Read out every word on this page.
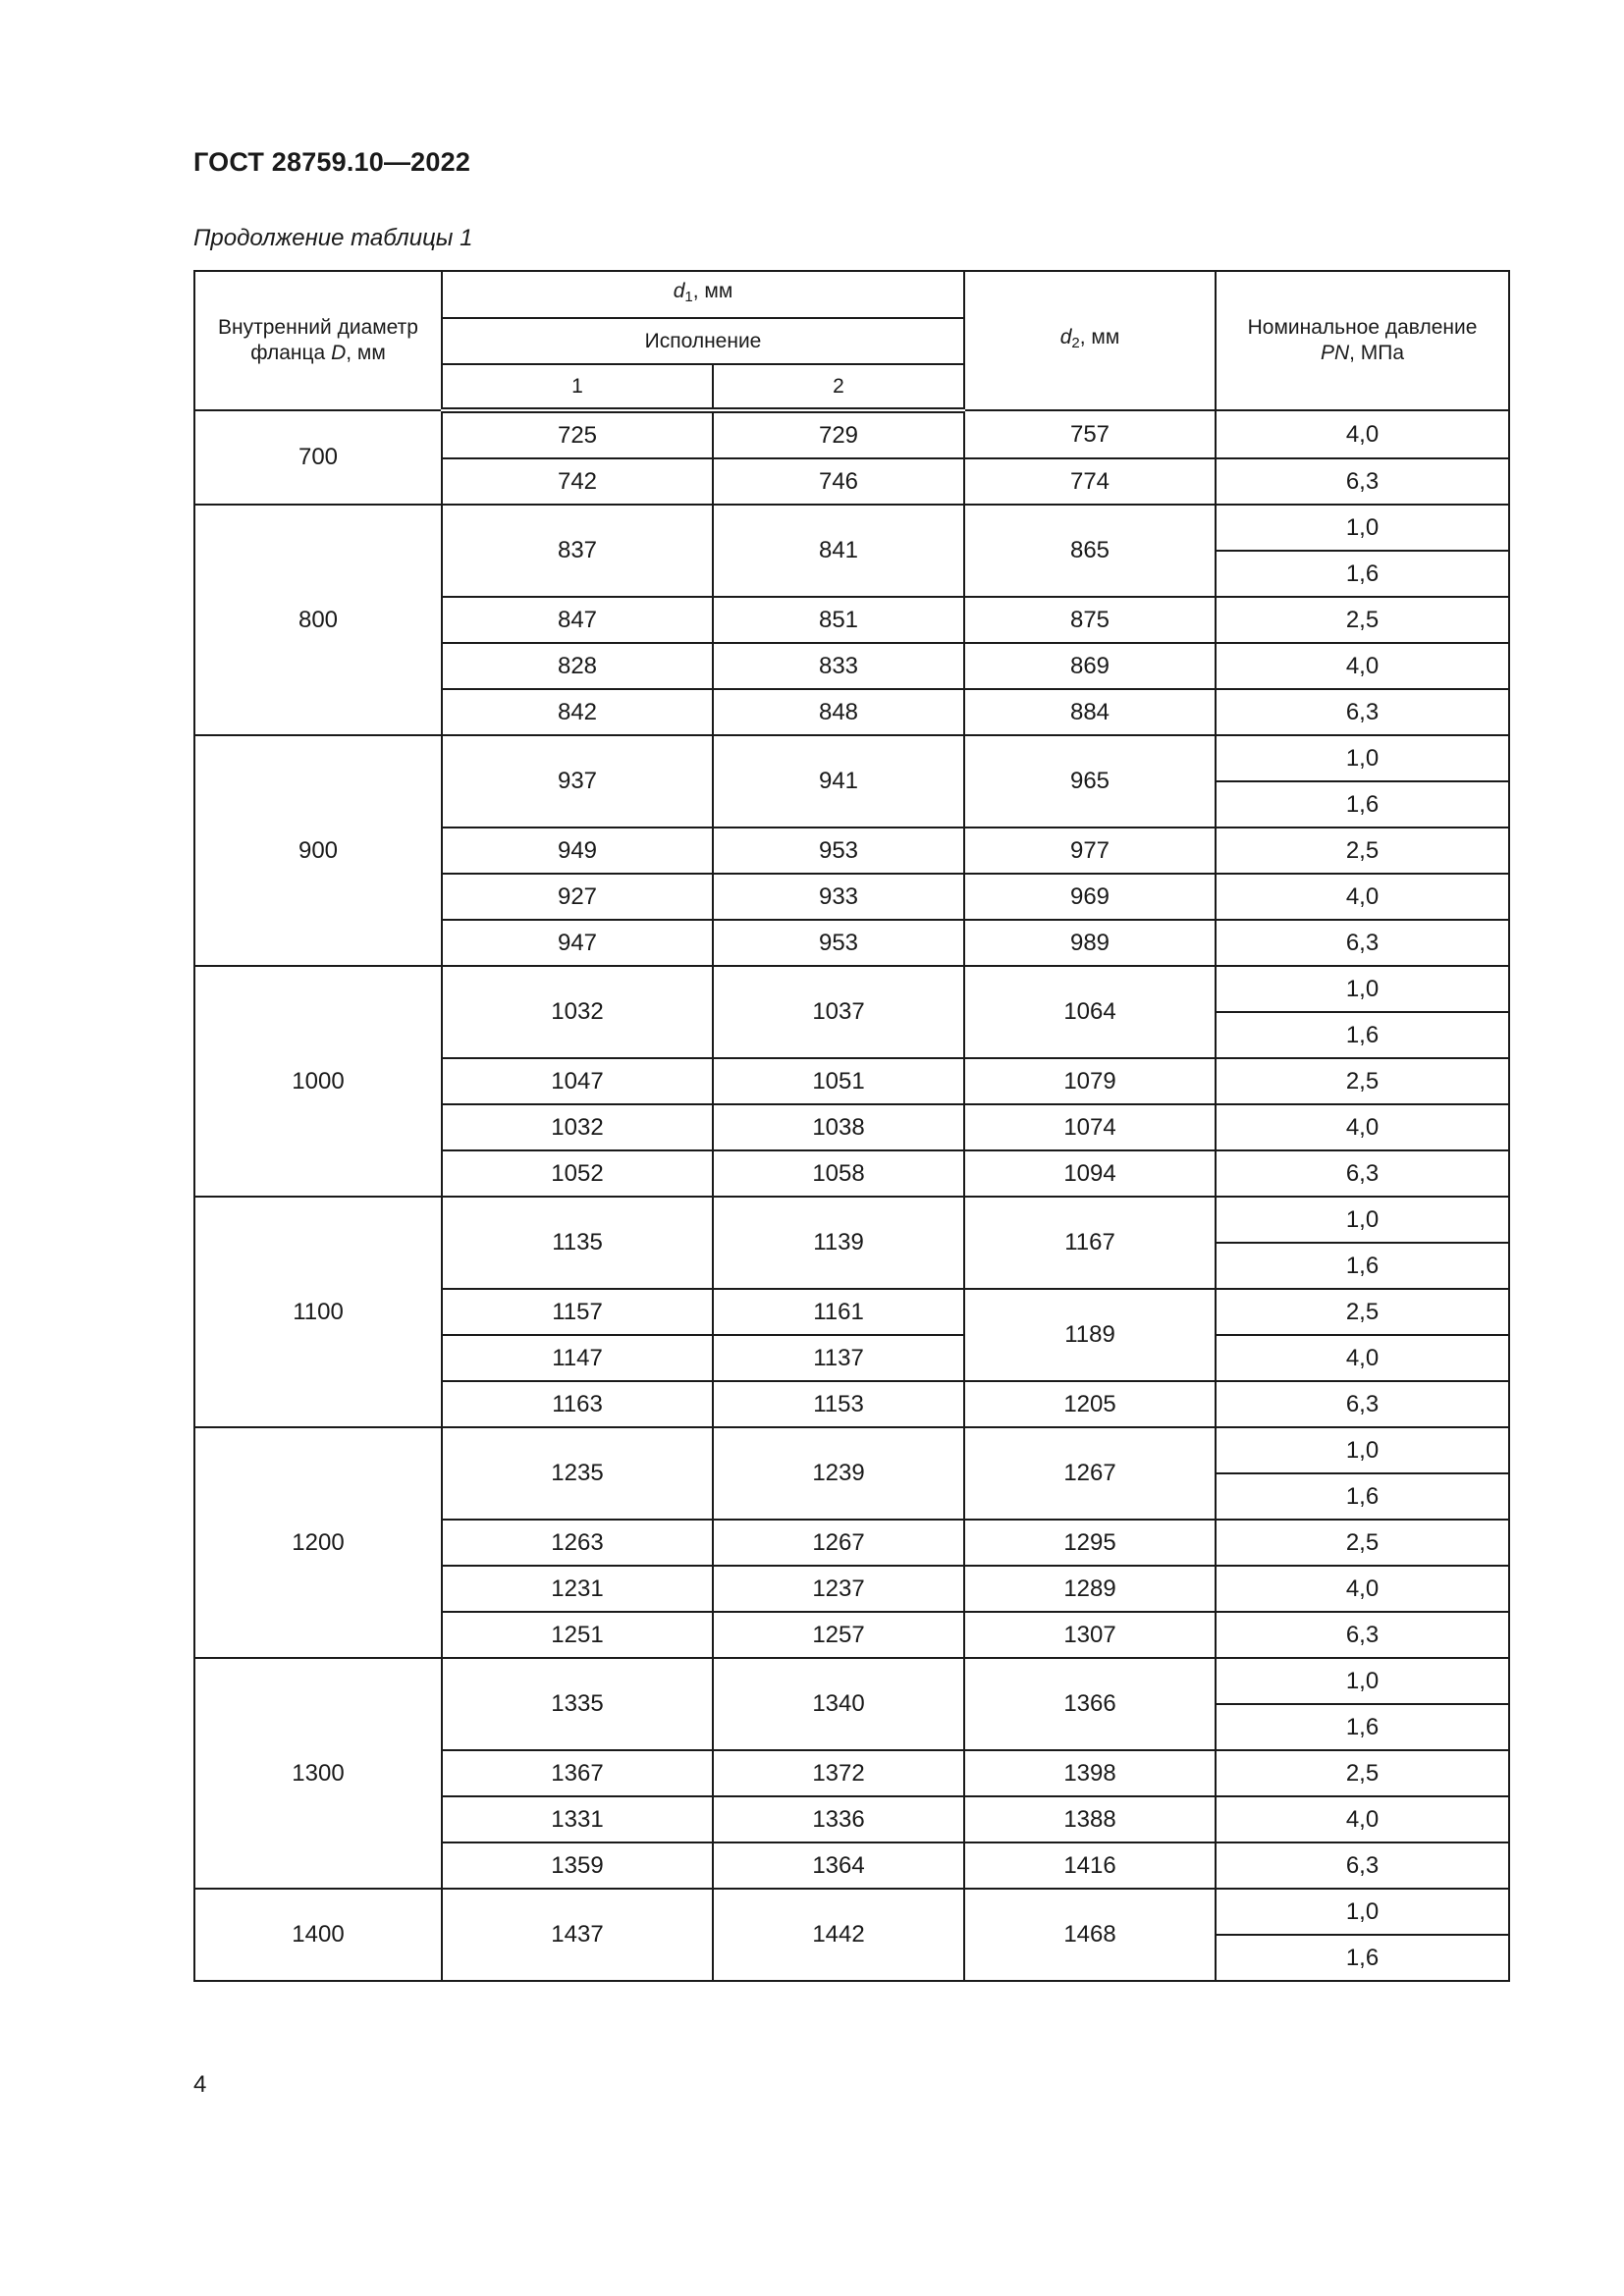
ГОСТ 28759.10—2022
Продолжение таблицы 1
Внутренний диаметр
фланца D, мм	$d_1$, мм		$d_2$, мм	Номинальное давление
PN, МПа
	Исполнение			
	1	2		
700	725	729	757	4,0
	742	746	774	6,3
800	837	841	865	1,0
				1,6
	847	851	875	2,5
	828	833	869	4,0
	842	848	884	6,3
900	937	941	965	1,0
				1,6
	949	953	977	2,5
	927	933	969	4,0
	947	953	989	6,3
1000	1032	1037	1064	1,0
				1,6
	1047	1051	1079	2,5
	1032	1038	1074	4,0
	1052	1058	1094	6,3
1100	1135	1139	1167	1,0
				1,6
	1157	1161	1189	2,5
	1147	1137		4,0
	1163	1153	1205	6,3
1200	1235	1239	1267	1,0
				1,6
	1263	1267	1295	2,5
	1231	1237	1289	4,0
	1251	1257	1307	6,3
1300	1335	1340	1366	1,0
				1,6
	1367	1372	1398	2,5
	1331	1336	1388	4,0
	1359	1364	1416	6,3
1400	1437	1442	1468	1,0
				1,6
4
